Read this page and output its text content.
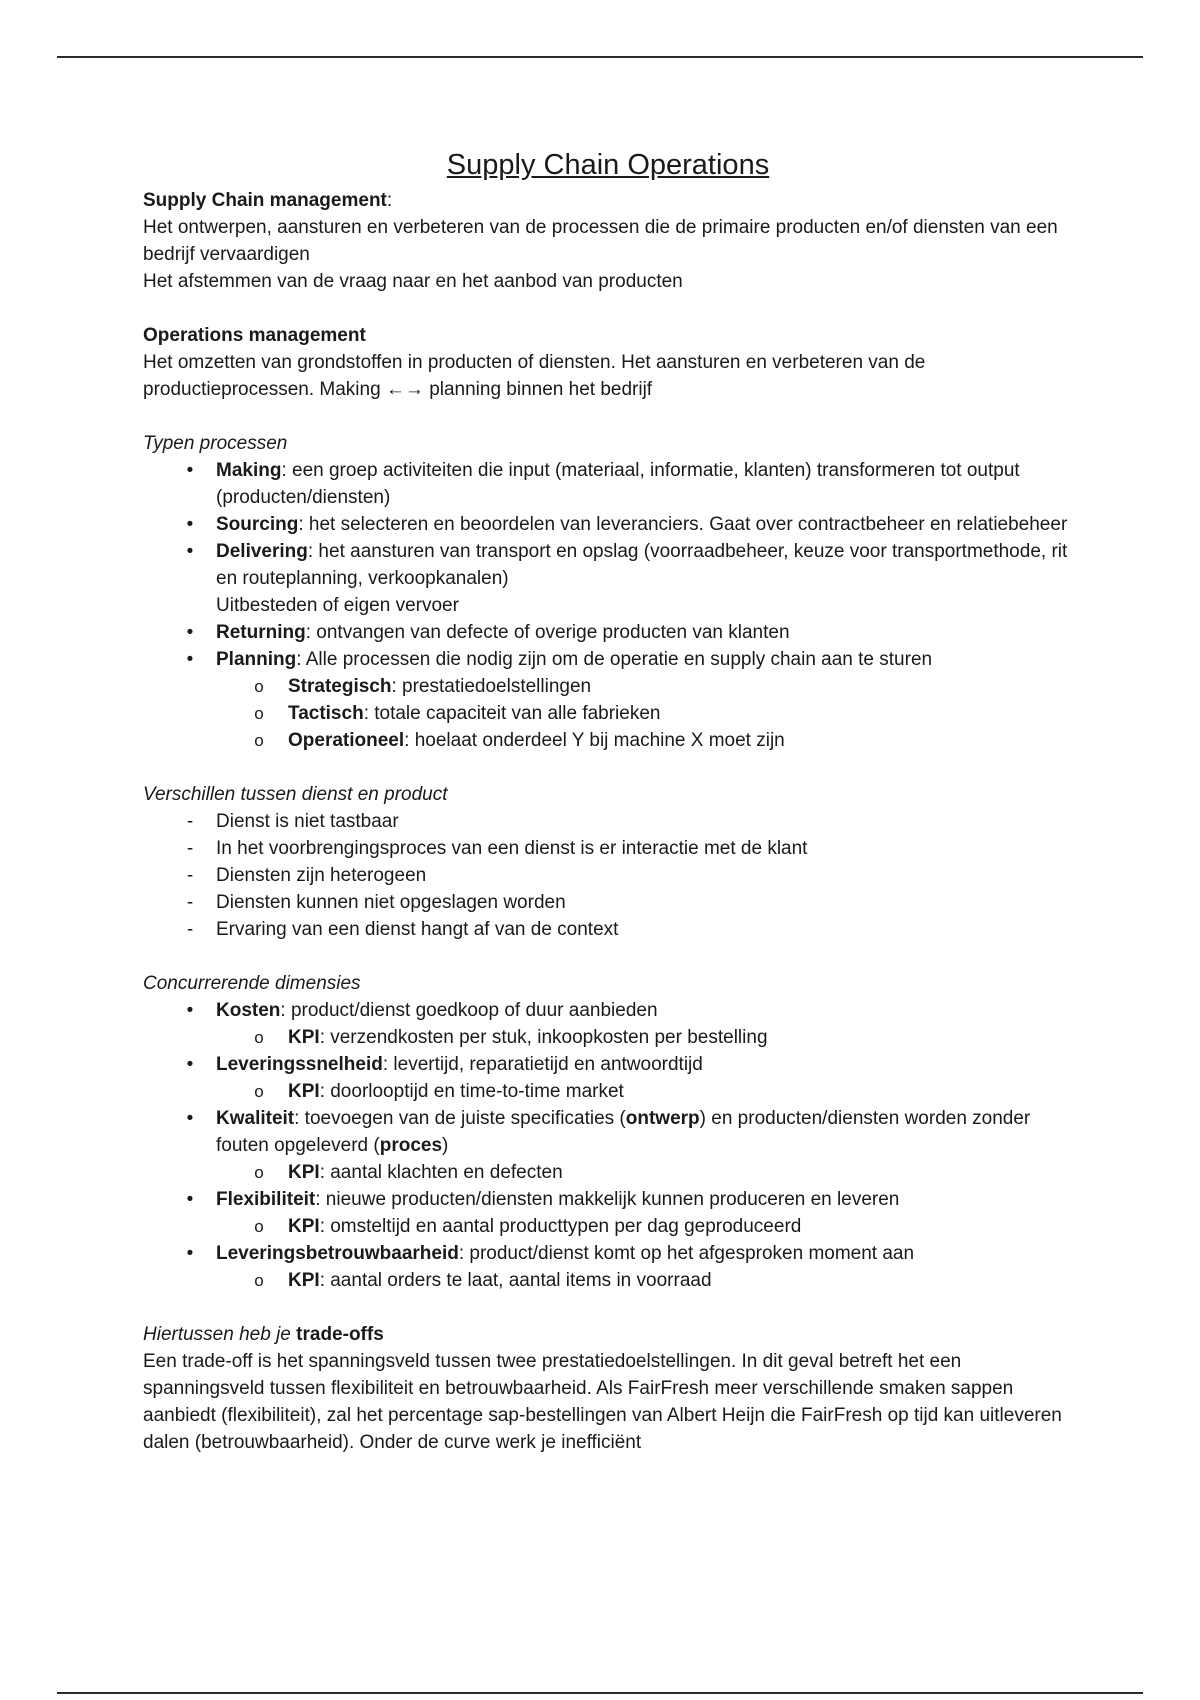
Supply Chain Operations

Supply Chain management:

Het ontwerpen, aansturen en verbeteren van de processen die de primaire producten en/of diensten van een bedrijf vervaardigen

Het afstemmen van de vraag naar en het aanbod van producten

Operations management

Het omzetten van grondstoffen in producten of diensten. Het aansturen en verbeteren van de productieprocessen. Making ←→ planning binnen het bedrijf

Typen processen

• Making: een groep activiteiten die input (materiaal, informatie, klanten) transformeren tot output (producten/diensten)
• Sourcing: het selecteren en beoordelen van leveranciers. Gaat over contractbeheer en relatiebeheer
• Delivering: het aansturen van transport en opslag (voorraadbeheer, keuze voor transportmethode, rit en routeplanning, verkoopkanalen)
Uitbesteden of eigen vervoer
• Returning: ontvangen van defecte of overige producten van klanten
• Planning: Alle processen die nodig zijn om de operatie en supply chain aan te sturen
o Strategisch: prestatiedoelstellingen
o Tactisch: totale capaciteit van alle fabrieken
o Operationeel: hoelaat onderdeel Y bij machine X moet zijn

Verschillen tussen dienst en product

-	Dienst is niet tastbaar
-	In het voorbrengingsproces van een dienst is er interactie met de klant
-	Diensten zijn heterogeen
-	Diensten kunnen niet opgeslagen worden
-	Ervaring van een dienst hangt af van de context

Concurrerende dimensies

• Kosten: product/dienst goedkoop of duur aanbieden
o KPI: verzendkosten per stuk, inkoopkosten per bestelling
• Leveringssnelheid: levertijd, reparatietijd en antwoordtijd
o KPI: doorlooptijd en time-to-time market
• Kwaliteit: toevoegen van de juiste specificaties (ontwerp) en producten/diensten worden zonder fouten opgeleverd (proces)
o KPI: aantal klachten en defecten
• Flexibiliteit: nieuwe producten/diensten makkelijk kunnen produceren en leveren
o KPI: omsteltijd en aantal producttypen per dag geproduceerd
• Leveringsbetrouwbaarheid: product/dienst komt op het afgesproken moment aan
o KPI: aantal orders te laat, aantal items in voorraad

Hiertussen heb je trade-offs

Een trade-off is het spanningsveld tussen twee prestatiedoelstellingen. In dit geval betreft het een spanningsveld tussen flexibiliteit en betrouwbaarheid. Als FairFresh meer verschillende smaken sappen aanbiedt (flexibiliteit), zal het percentage sap-bestellingen van Albert Heijn die FairFresh op tijd kan uitleveren dalen (betrouwbaarheid). Onder de curve werk je inefficiënt
